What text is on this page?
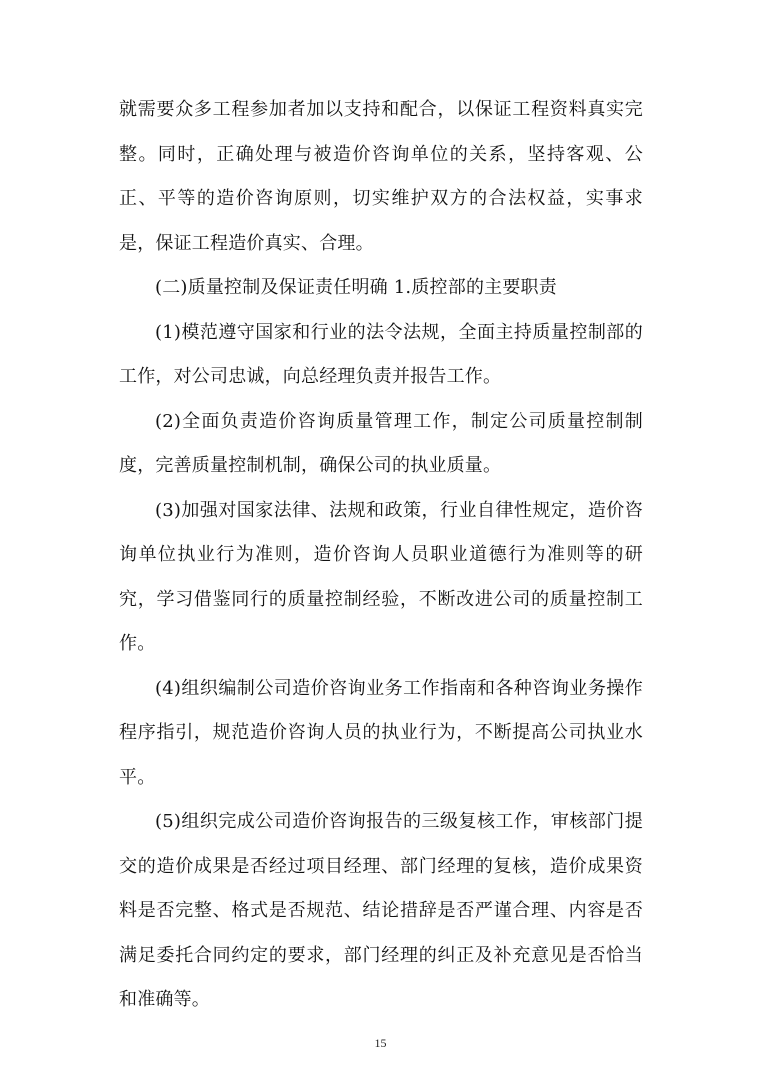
就需要众多工程参加者加以支持和配合，以保证工程资料真实完整。同时，正确处理与被造价咨询单位的关系，坚持客观、公正、平等的造价咨询原则，切实维护双方的合法权益，实事求是，保证工程造价真实、合理。

(二)质量控制及保证责任明确 1.质控部的主要职责

(1)模范遵守国家和行业的法令法规，全面主持质量控制部的工作，对公司忠诚，向总经理负责并报告工作。

(2)全面负责造价咨询质量管理工作，制定公司质量控制制度，完善质量控制机制，确保公司的执业质量。

(3)加强对国家法律、法规和政策，行业自律性规定，造价咨询单位执业行为准则，造价咨询人员职业道德行为准则等的研究，学习借鉴同行的质量控制经验，不断改进公司的质量控制工作。

(4)组织编制公司造价咨询业务工作指南和各种咨询业务操作程序指引，规范造价咨询人员的执业行为，不断提高公司执业水平。

(5)组织完成公司造价咨询报告的三级复核工作，审核部门提交的造价成果是否经过项目经理、部门经理的复核，造价成果资料是否完整、格式是否规范、结论措辞是否严谨合理、内容是否满足委托合同约定的要求，部门经理的纠正及补充意见是否恰当和准确等。

15
